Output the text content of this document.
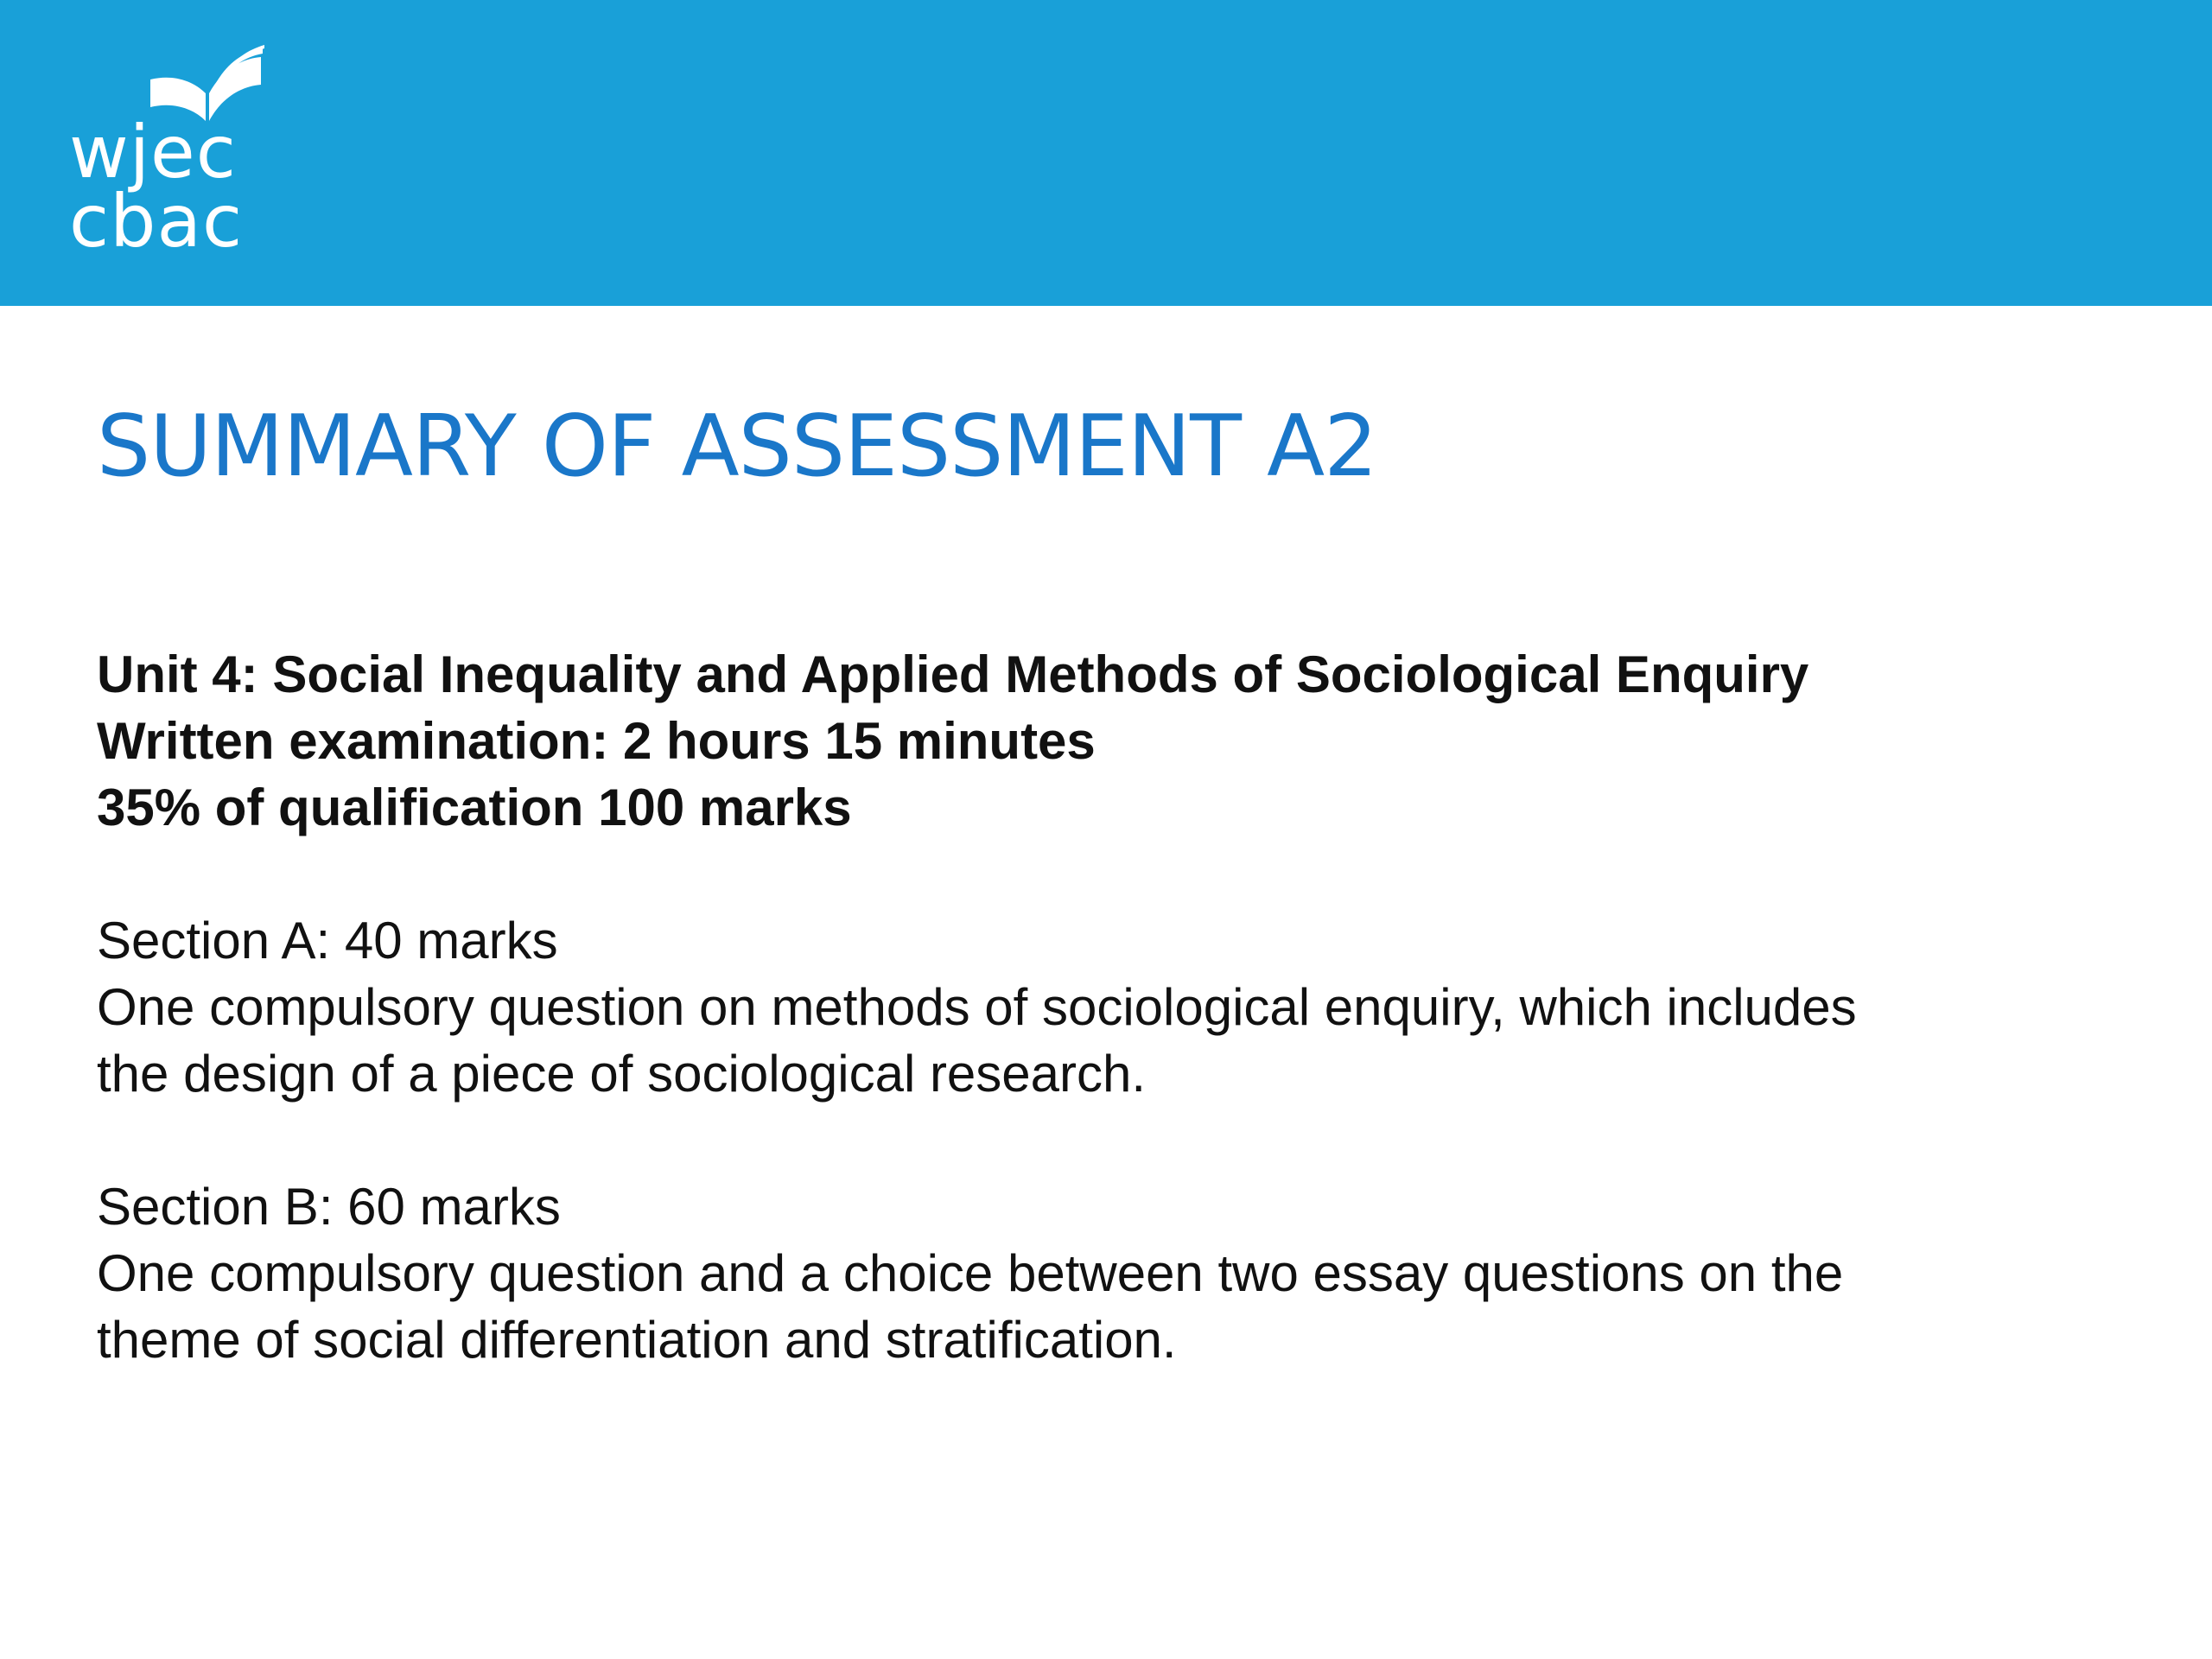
wjec
cbac
SUMMARY OF ASSESSMENT A2
Unit 4: Social Inequality and Applied Methods of Sociological Enquiry
Written examination: 2 hours 15 minutes
35% of qualification 100 marks
Section A: 40 marks
One compulsory question on methods of sociological enquiry, which includes
the design of a piece of sociological research.
Section B: 60 marks
One compulsory question and a choice between two essay questions on the
theme of social differentiation and stratification.
